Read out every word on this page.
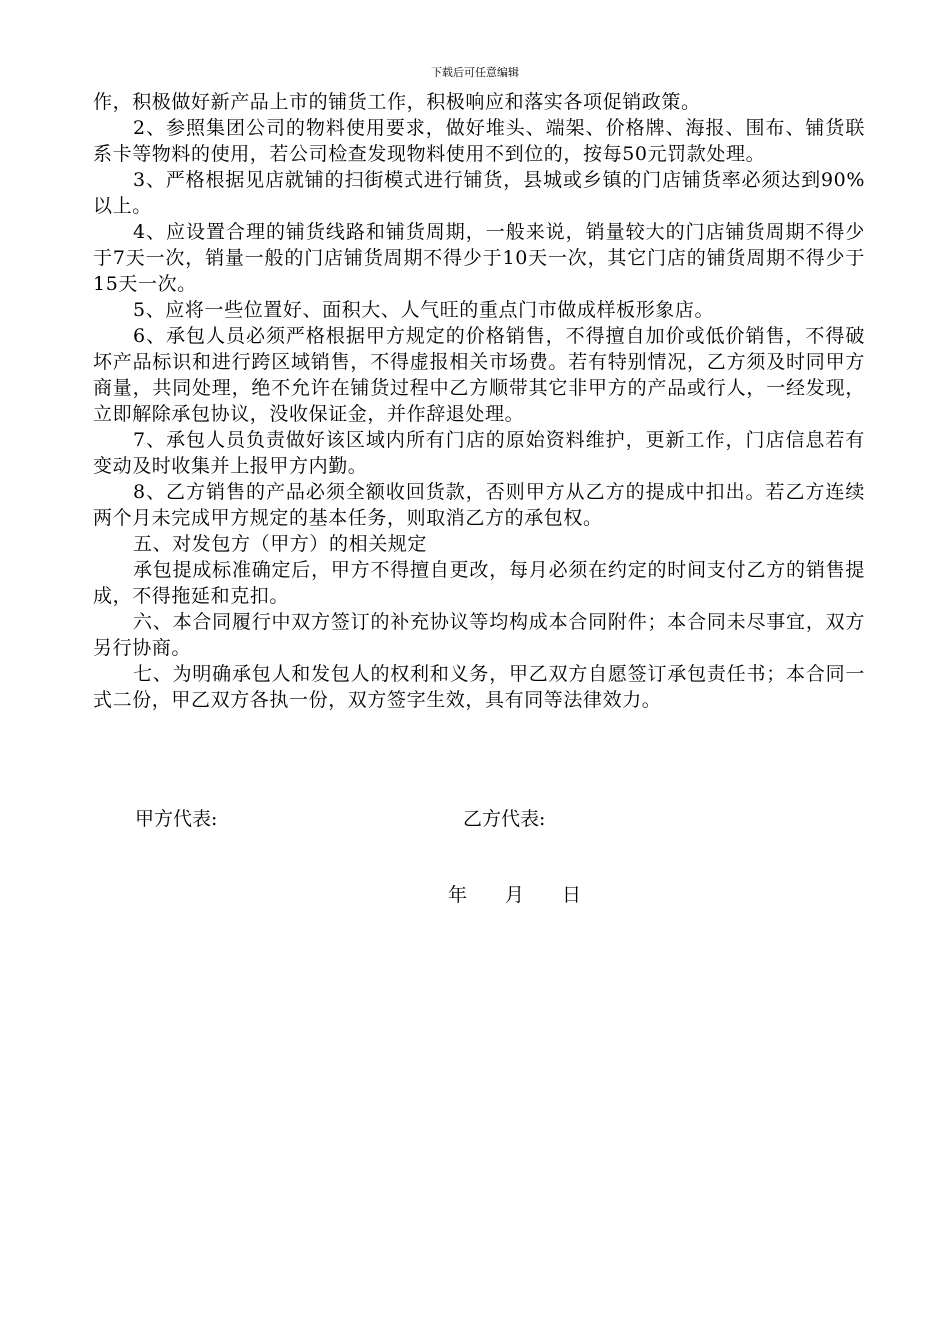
下载后可任意编辑

作，积极做好新产品上市的铺货工作，积极响应和落实各项促销政策。

2、参照集团公司的物料使用要求，做好堆头、端架、价格牌、海报、围布、铺货联系卡等物料的使用，若公司检查发现物料使用不到位的，按每50元罚款处理。

3、严格根据见店就铺的扫街模式进行铺货，县城或乡镇的门店铺货率必须达到90%以上。

4、应设置合理的铺货线路和铺货周期，一般来说，销量较大的门店铺货周期不得少于7天一次，销量一般的门店铺货周期不得少于10天一次，其它门店的铺货周期不得少于15天一次。

5、应将一些位置好、面积大、人气旺的重点门市做成样板形象店。

6、承包人员必须严格根据甲方规定的价格销售，不得擅自加价或低价销售，不得破坏产品标识和进行跨区域销售，不得虚报相关市场费。若有特别情况，乙方须及时同甲方商量，共同处理，绝不允许在铺货过程中乙方顺带其它非甲方的产品或行人，一经发现，立即解除承包协议，没收保证金，并作辞退处理。

7、承包人员负责做好该区域内所有门店的原始资料维护，更新工作，门店信息若有变动及时收集并上报甲方内勤。

8、乙方销售的产品必须全额收回货款，否则甲方从乙方的提成中扣出。若乙方连续两个月未完成甲方规定的基本任务，则取消乙方的承包权。

五、对发包方（甲方）的相关规定

承包提成标准确定后，甲方不得擅自更改，每月必须在约定的时间支付乙方的销售提成，不得拖延和克扣。

六、本合同履行中双方签订的补充协议等均构成本合同附件；本合同未尽事宜，双方另行协商。

七、为明确承包人和发包人的权利和义务，甲乙双方自愿签订承包责任书；本合同一式二份，甲乙双方各执一份，双方签字生效，具有同等法律效力。

甲方代表:	乙方代表:
年 月 日
